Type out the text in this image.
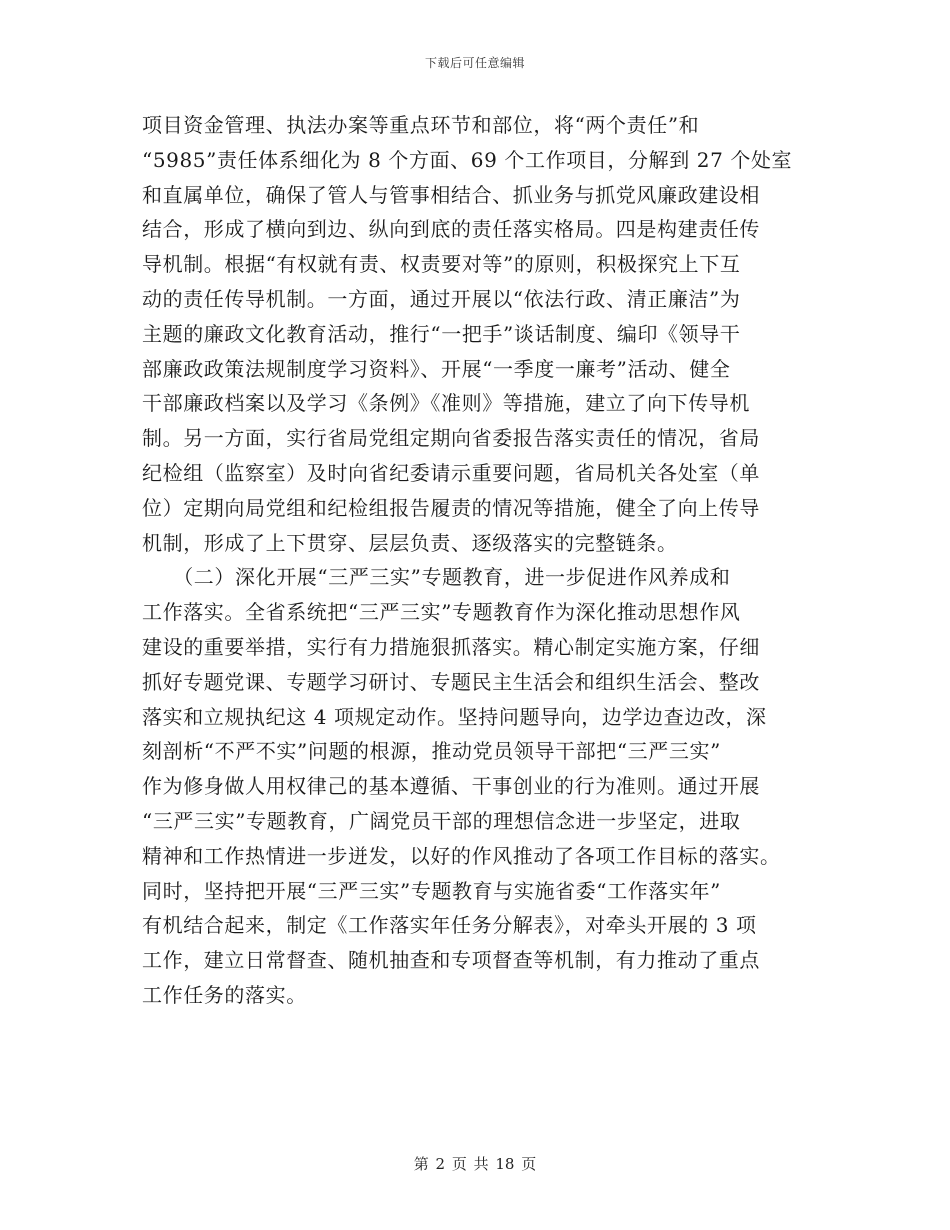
下载后可任意编辑
项目资金管理、执法办案等重点环节和部位，将“两个责任”和
“5985”责任体系细化为 8 个方面、69 个工作项目，分解到 27 个处室
和直属单位，确保了管人与管事相结合、抓业务与抓党风廉政建设相
结合，形成了横向到边、纵向到底的责任落实格局。四是构建责任传
导机制。根据“有权就有责、权责要对等”的原则，积极探究上下互
动的责任传导机制。一方面，通过开展以“依法行政、清正廉洁”为
主题的廉政文化教育活动，推行“一把手”谈话制度、编印《领导干
部廉政政策法规制度学习资料》、开展“一季度一廉考”活动、健全
干部廉政档案以及学习《条例》《准则》等措施，建立了向下传导机
制。另一方面，实行省局党组定期向省委报告落实责任的情况，省局
纪检组（监察室）及时向省纪委请示重要问题，省局机关各处室（单
位）定期向局党组和纪检组报告履责的情况等措施，健全了向上传导
机制，形成了上下贯穿、层层负责、逐级落实的完整链条。
　　（二）深化开展“三严三实”专题教育，进一步促进作风养成和
工作落实。全省系统把“三严三实”专题教育作为深化推动思想作风
建设的重要举措，实行有力措施狠抓落实。精心制定实施方案，仔细
抓好专题党课、专题学习研讨、专题民主生活会和组织生活会、整改
落实和立规执纪这 4 项规定动作。坚持问题导向，边学边查边改，深
刻剖析“不严不实”问题的根源，推动党员领导干部把“三严三实”
作为修身做人用权律己的基本遵循、干事创业的行为准则。通过开展
“三严三实”专题教育，广阔党员干部的理想信念进一步坚定，进取
精神和工作热情进一步迸发，以好的作风推动了各项工作目标的落实。
同时，坚持把开展“三严三实”专题教育与实施省委“工作落实年”
有机结合起来，制定《工作落实年任务分解表》，对牵头开展的 3 项
工作，建立日常督查、随机抽查和专项督查等机制，有力推动了重点
工作任务的落实。
第 2 页 共 18 页
